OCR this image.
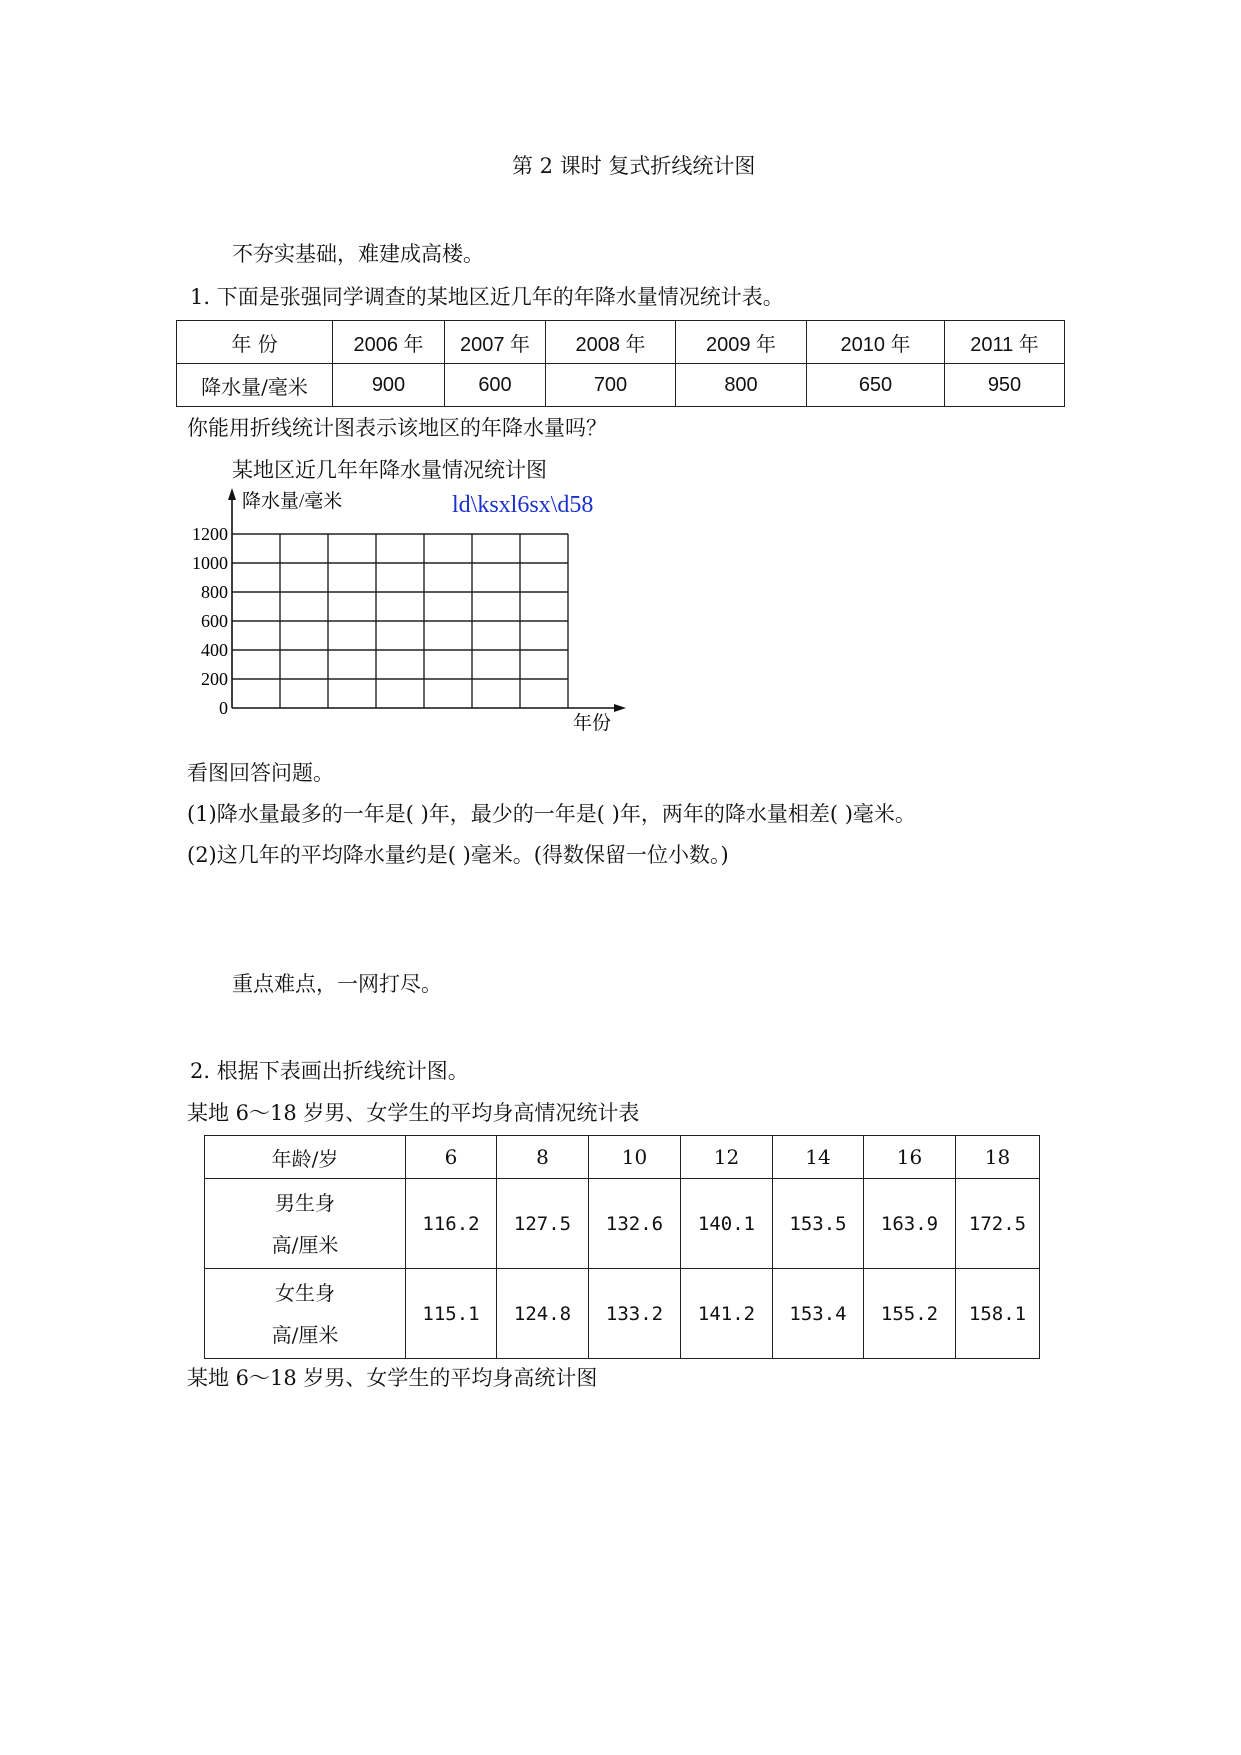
第 2 课时 复式折线统计图
不夯实基础，难建成高楼。
1. 下面是张强同学调查的某地区近几年的年降水量情况统计表。
年 份	2006 年	2007 年	2008 年	2009 年	2010 年	2011 年
降水量/毫米	900	600	700	800	650	950
你能用折线统计图表示该地区的年降水量吗？
某地区近几年年降水量情况统计图
0
200
400
600
800
1000
1200
降水量/毫米
年份
ld\ksxl6sx\d58
看图回答问题。
(1)降水量最多的一年是( )年，最少的一年是( )年，两年的降水量相差( )毫米。
(2)这几年的平均降水量约是( )毫米。(得数保留一位小数。)
重点难点，一网打尽。
2. 根据下表画出折线统计图。
某地 6～18 岁男、女学生的平均身高情况统计表
年龄/岁	6	8	10	12	14	16	18

男生身
高/厘米	116.2	127.5	132.6	140.1	153.5	163.9	172.5

女生身
高/厘米	115.1	124.8	133.2	141.2	153.4	155.2	158.1
某地 6～18 岁男、女学生的平均身高统计图
